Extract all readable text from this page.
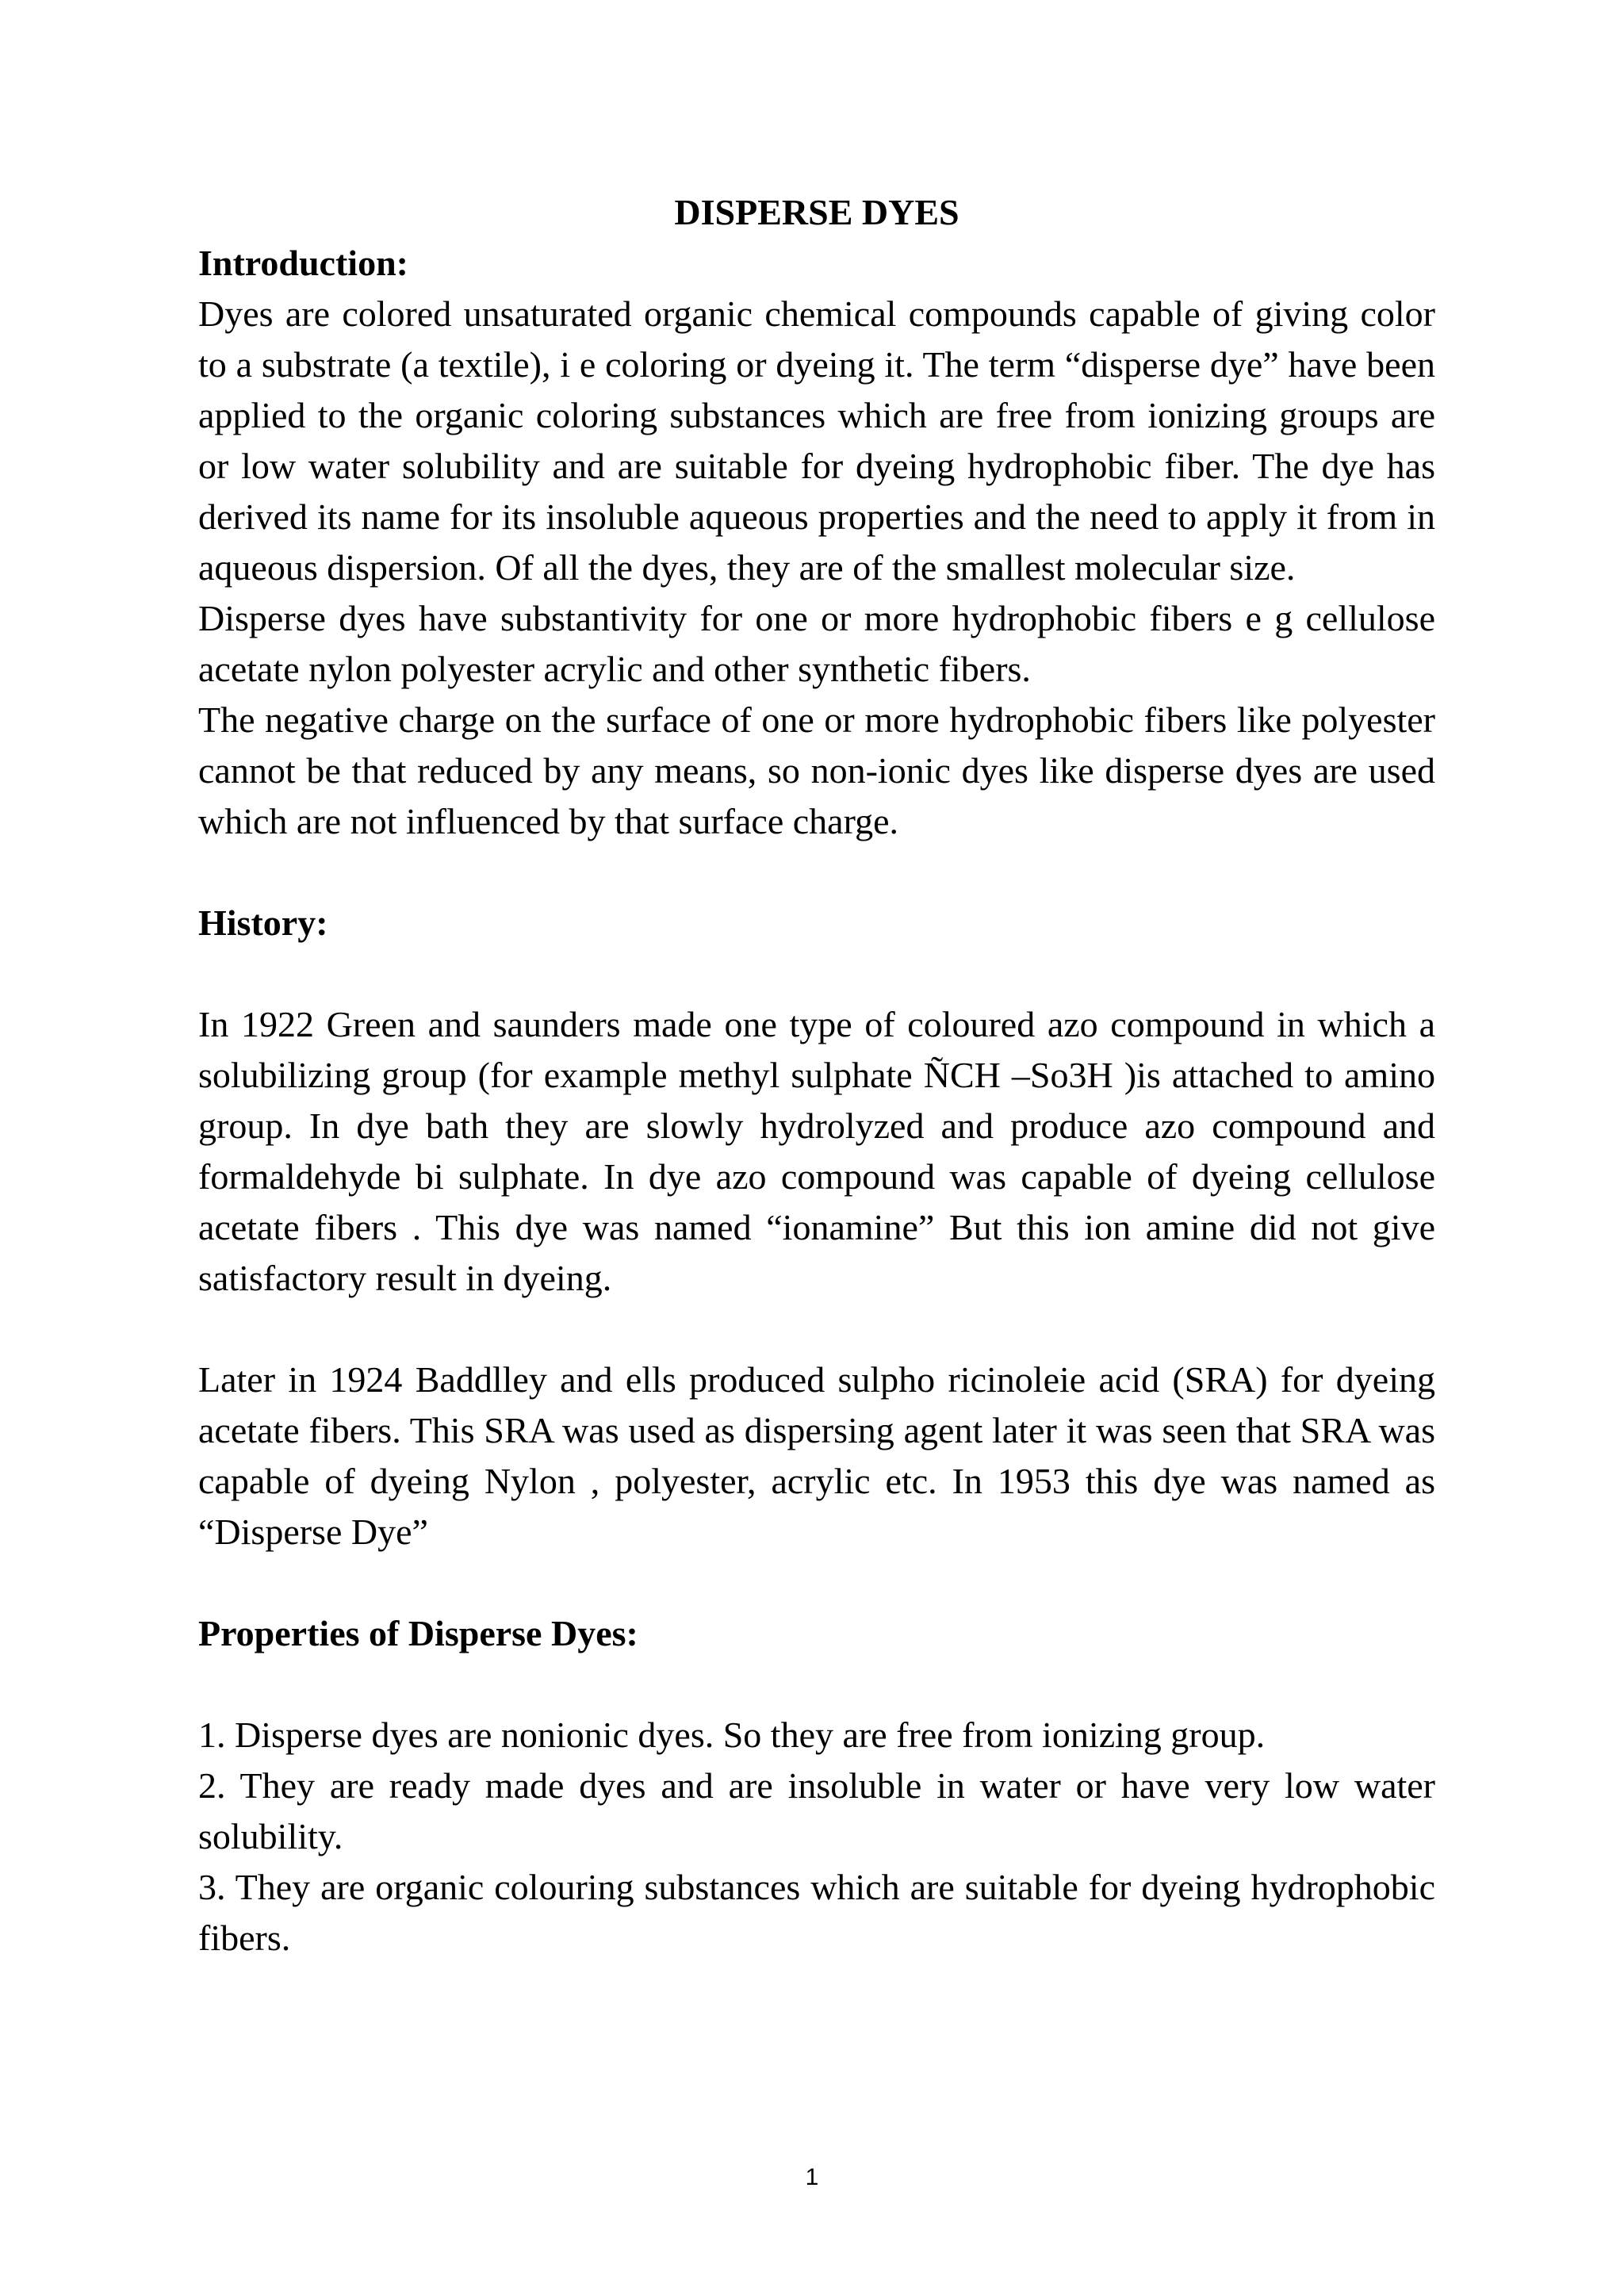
DISPERSE DYES
Introduction:

Dyes are colored unsaturated organic chemical compounds capable of giving color to a substrate (a textile), i e coloring or dyeing it. The term “disperse dye” have been applied to the organic coloring substances which are free from ionizing groups are or low water solubility and are suitable for dyeing hydrophobic fiber. The dye has derived its name for its insoluble aqueous properties and the need to apply it from in aqueous dispersion. Of all the dyes, they are of the smallest molecular size.

Disperse dyes have substantivity for one or more hydrophobic fibers e g cellulose acetate nylon polyester acrylic and other synthetic fibers.

The negative charge on the surface of one or more hydrophobic fibers like polyester cannot be that reduced by any means, so non-ionic dyes like disperse dyes are used which are not influenced by that surface charge.

History:

In 1922 Green and saunders made one type of coloured azo compound in which a solubilizing group (for example methyl sulphate ÑCH –So3H )is attached to amino group. In dye bath they are slowly hydrolyzed and produce azo compound and formaldehyde bi sulphate. In dye azo compound was capable of dyeing cellulose acetate fibers . This dye was named “ionamine” But this ion amine did not give satisfactory result in dyeing.

Later in 1924 Baddlley and ells produced sulpho ricinoleie acid (SRA) for dyeing acetate fibers. This SRA was used as dispersing agent later it was seen that SRA was capable of dyeing Nylon , polyester, acrylic etc. In 1953 this dye was named as “Disperse Dye”

Properties of Disperse Dyes:

1. Disperse dyes are nonionic dyes. So they are free from ionizing group.

2. They are ready made dyes and are insoluble in water or have very low water solubility.

3. They are organic colouring substances which are suitable for dyeing hydrophobic fibers.

1
